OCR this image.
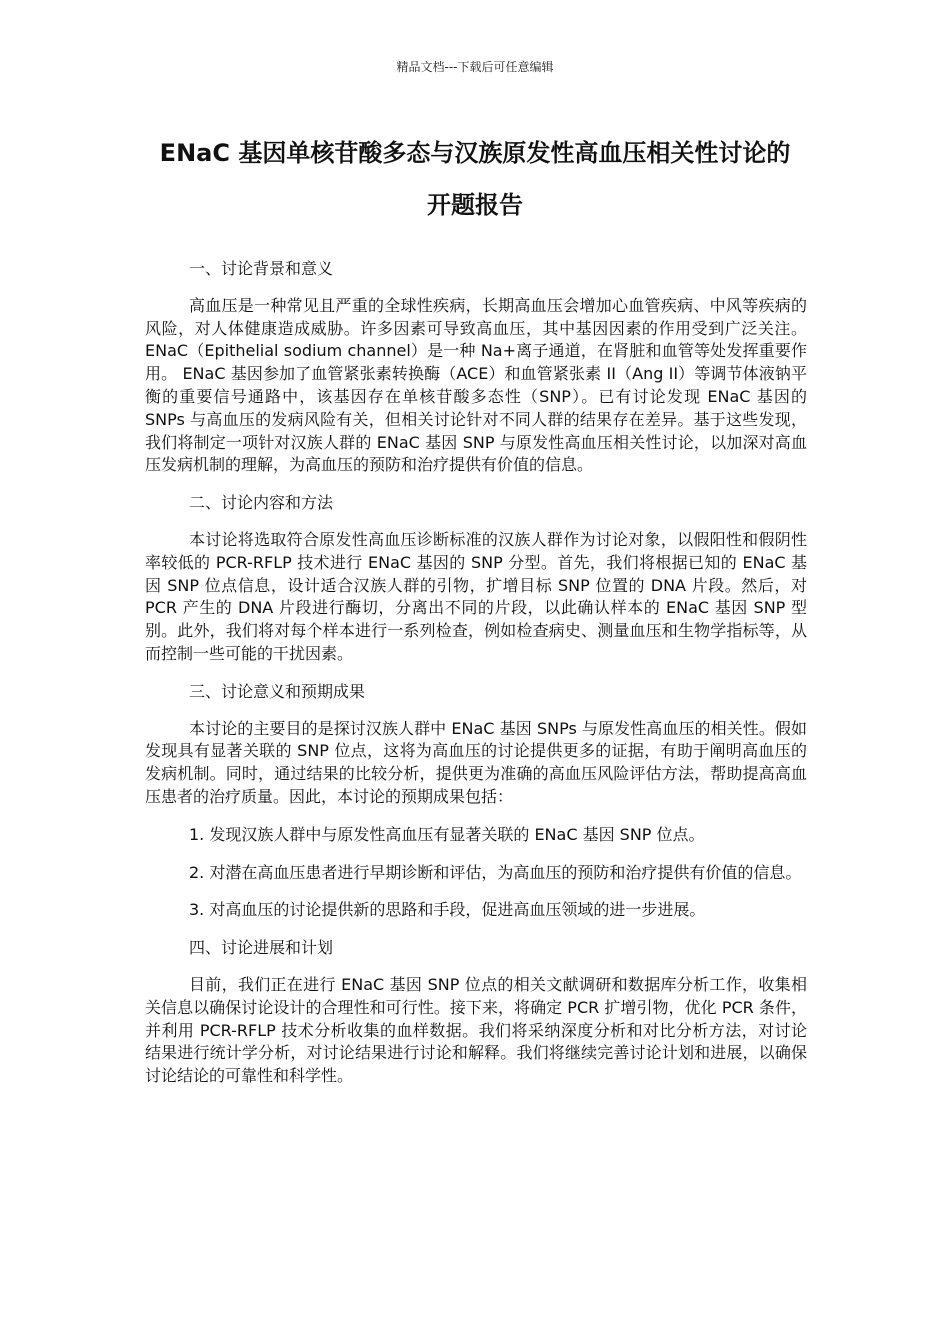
精品文档---下载后可任意编辑
ENaC 基因单核苷酸多态与汉族原发性高血压相关性讨论的
开题报告

一、讨论背景和意义

高血压是一种常见且严重的全球性疾病，长期高血压会增加心血管疾病、中风等疾病的风险，对人体健康造成威胁。许多因素可导致高血压，其中基因因素的作用受到广泛关注。ENaC（Epithelial sodium channel）是一种 Na+离子通道，在肾脏和血管等处发挥重要作用。 ENaC 基因参加了血管紧张素转换酶（ACE）和血管紧张素 II（Ang II）等调节体液钠平衡的重要信号通路中，该基因存在单核苷酸多态性（SNP）。已有讨论发现 ENaC 基因的 SNPs 与高血压的发病风险有关，但相关讨论针对不同人群的结果存在差异。基于这些发现，我们将制定一项针对汉族人群的 ENaC 基因 SNP 与原发性高血压相关性讨论，以加深对高血压发病机制的理解，为高血压的预防和治疗提供有价值的信息。

二、讨论内容和方法

本讨论将选取符合原发性高血压诊断标准的汉族人群作为讨论对象，以假阳性和假阴性率较低的 PCR-RFLP 技术进行 ENaC 基因的 SNP 分型。首先，我们将根据已知的 ENaC 基因 SNP 位点信息，设计适合汉族人群的引物，扩增目标 SNP 位置的 DNA 片段。然后，对 PCR 产生的 DNA 片段进行酶切，分离出不同的片段，以此确认样本的 ENaC 基因 SNP 型别。此外，我们将对每个样本进行一系列检查，例如检查病史、测量血压和生物学指标等，从而控制一些可能的干扰因素。

三、讨论意义和预期成果

本讨论的主要目的是探讨汉族人群中 ENaC 基因 SNPs 与原发性高血压的相关性。假如发现具有显著关联的 SNP 位点，这将为高血压的讨论提供更多的证据，有助于阐明高血压的发病机制。同时，通过结果的比较分析，提供更为准确的高血压风险评估方法，帮助提高高血压患者的治疗质量。因此，本讨论的预期成果包括：

1. 发现汉族人群中与原发性高血压有显著关联的 ENaC 基因 SNP 位点。

2. 对潜在高血压患者进行早期诊断和评估，为高血压的预防和治疗提供有价值的信息。

3. 对高血压的讨论提供新的思路和手段，促进高血压领域的进一步进展。

四、讨论进展和计划

目前，我们正在进行 ENaC 基因 SNP 位点的相关文献调研和数据库分析工作，收集相关信息以确保讨论设计的合理性和可行性。接下来，将确定 PCR 扩增引物，优化 PCR 条件，并利用 PCR-RFLP 技术分析收集的血样数据。我们将采纳深度分析和对比分析方法，对讨论结果进行统计学分析，对讨论结果进行讨论和解释。我们将继续完善讨论计划和进展，以确保讨论结论的可靠性和科学性。
